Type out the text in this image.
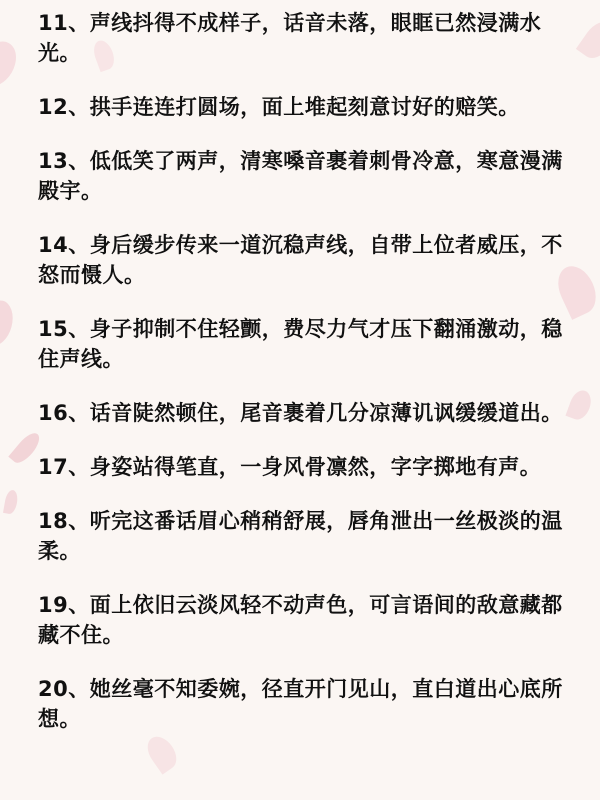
11、声线抖得不成样子，话音未落，眼眶已然浸满水光。

12、拱手连连打圆场，面上堆起刻意讨好的赔笑。

13、低低笑了两声，清寒嗓音裹着刺骨冷意，寒意漫满殿宇。

14、身后缓步传来一道沉稳声线，自带上位者威压，不怒而慑人。

15、身子抑制不住轻颤，费尽力气才压下翻涌激动，稳住声线。

16、话音陡然顿住，尾音裹着几分凉薄讥讽缓缓道出。

17、身姿站得笔直，一身风骨凛然，字字掷地有声。

18、听完这番话眉心稍稍舒展，唇角泄出一丝极淡的温柔。

19、面上依旧云淡风轻不动声色，可言语间的敌意藏都藏不住。

20、她丝毫不知委婉，径直开门见山，直白道出心底所想。
